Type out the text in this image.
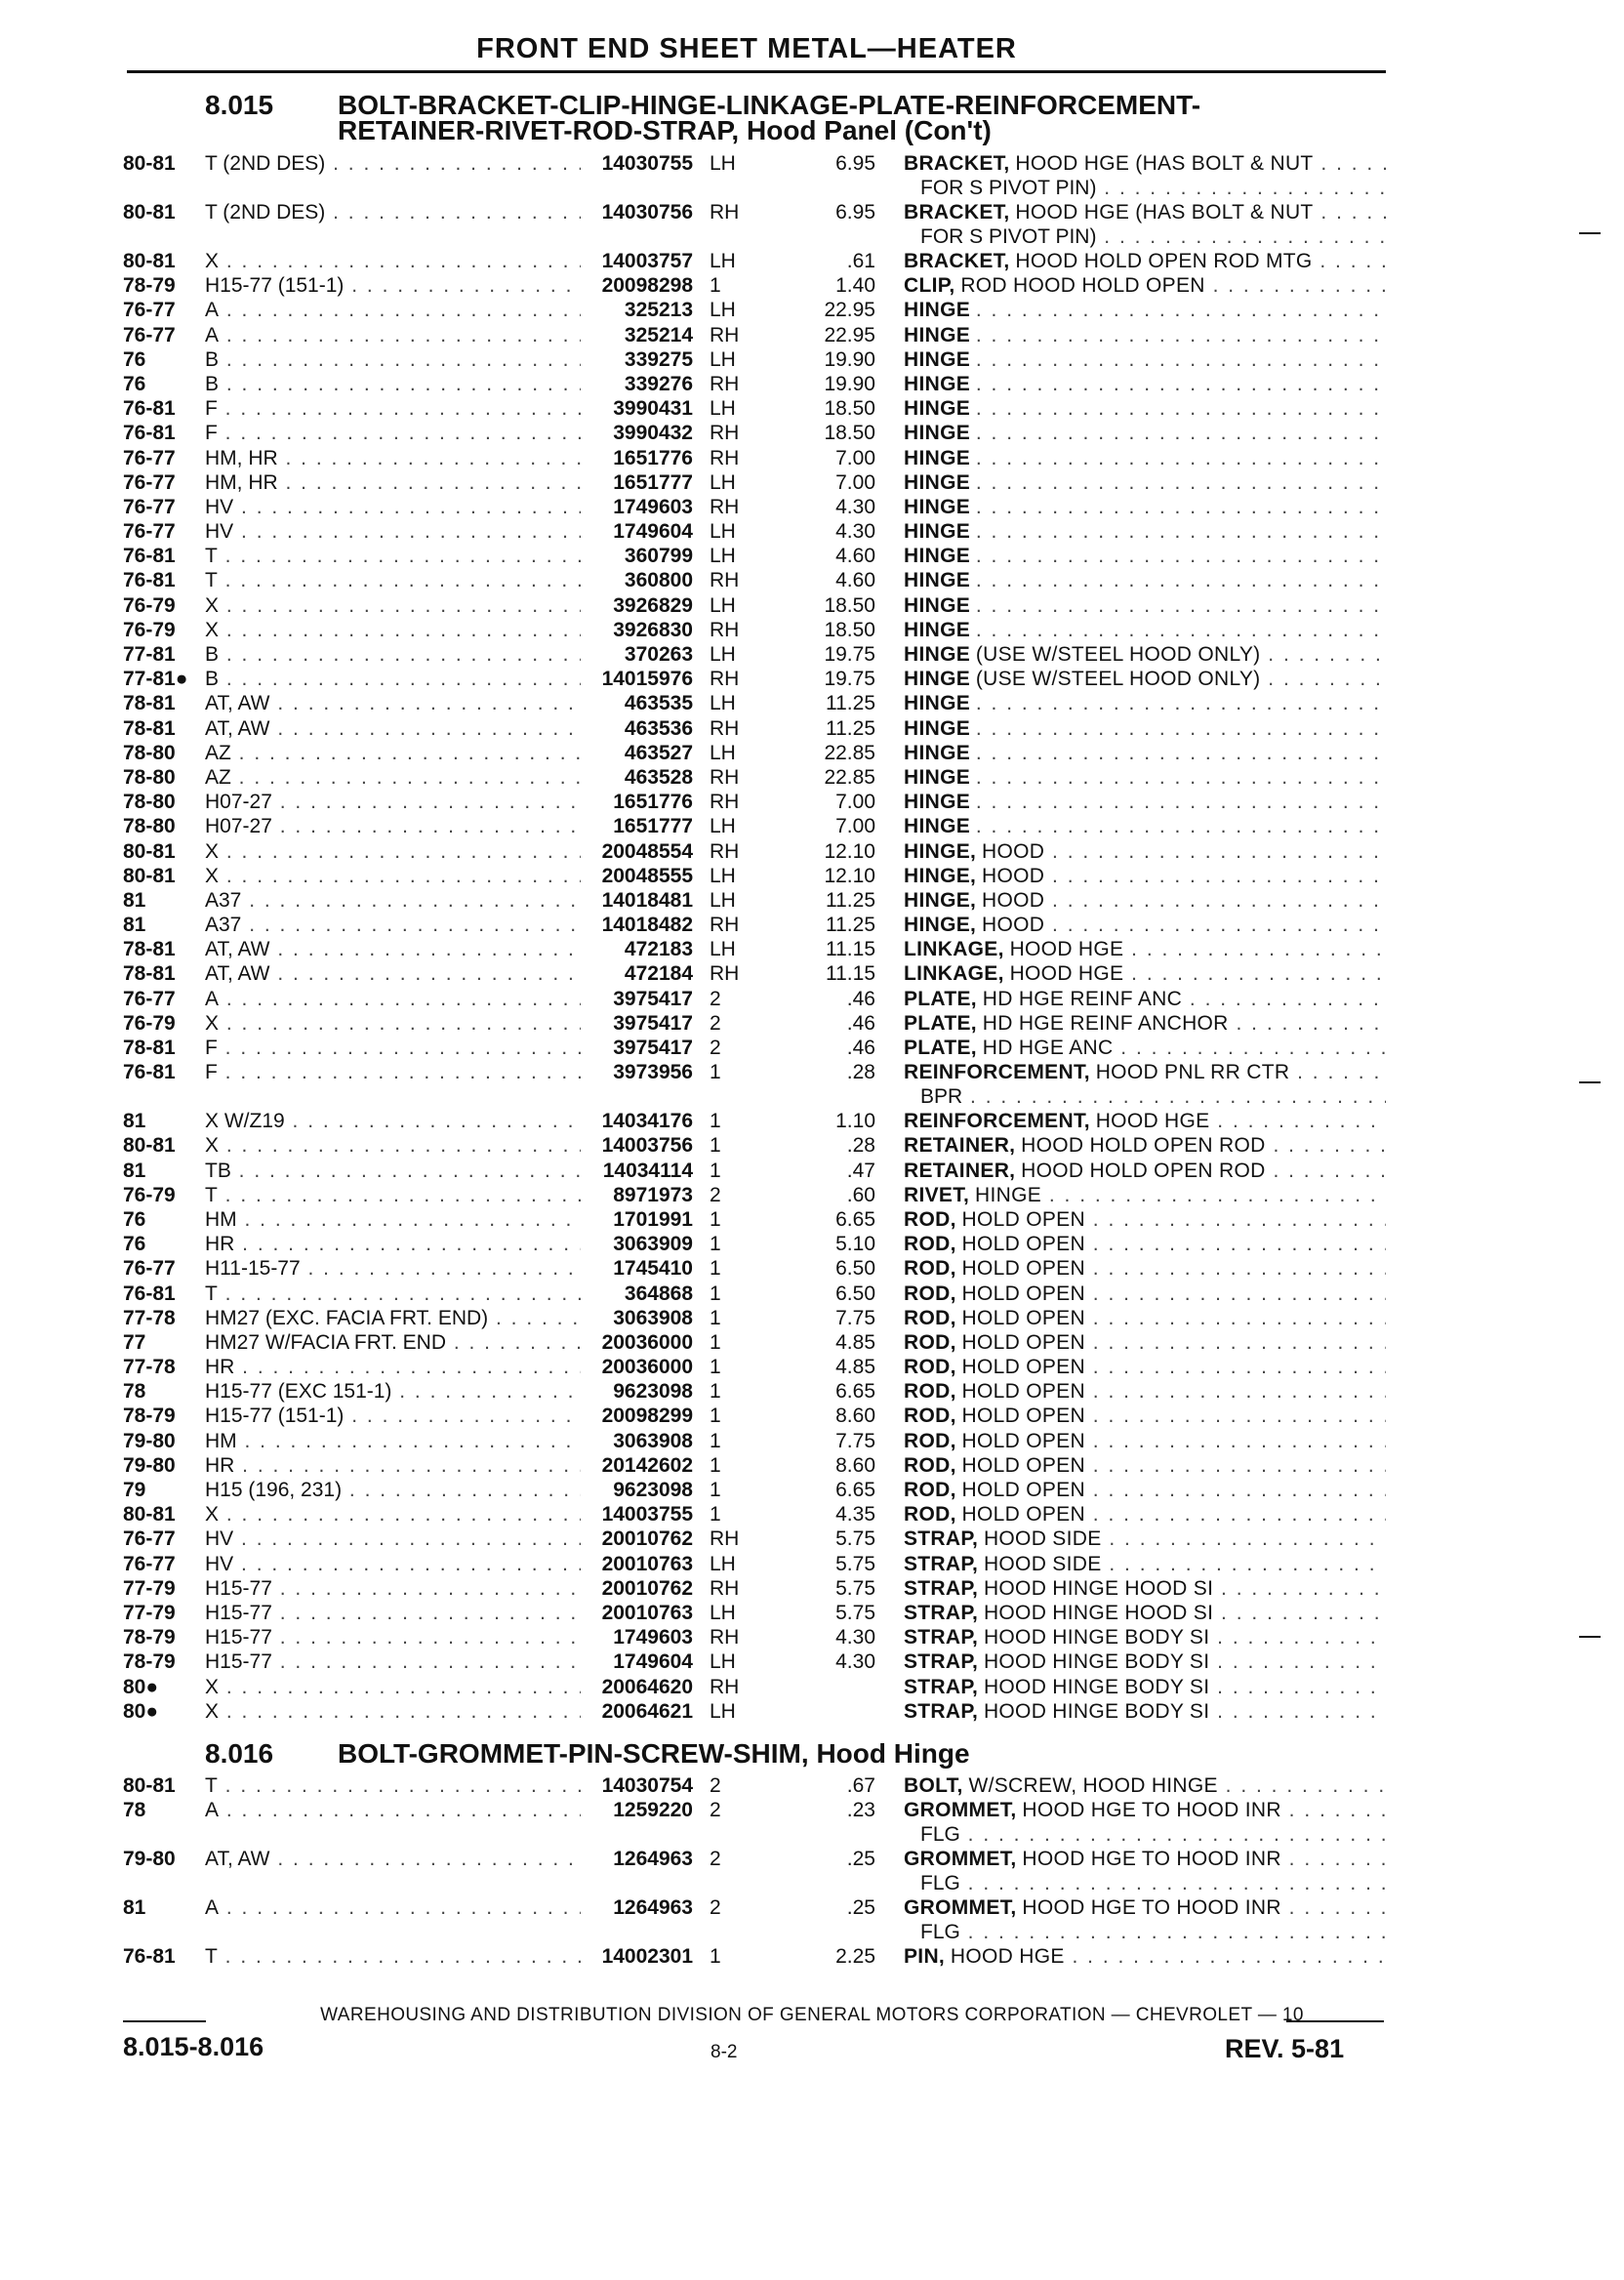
FRONT END SHEET METAL—HEATER
8.015 BOLT-BRACKET-CLIP-HINGE-LINKAGE-PLATE-REINFORCEMENT-
RETAINER-RIVET-ROD-STRAP, Hood Panel (Con't)
80-81	T (2ND DES) . . .	14030755 LH	6.95 BRACKET, HOOD HGE (HAS BOLT & NUT . . .
FOR S PIVOT PIN) . . .
80-81	T (2ND DES) . . .	14030756 RH	6.95 BRACKET, HOOD HGE (HAS BOLT & NUT . . .
FOR S PIVOT PIN) . . .
80-81	X . . .	14003757 LH	.61 BRACKET, HOOD HOLD OPEN ROD MTG . . .
78-79	H15-77 (151-1) . . .	20098298 1	1.40 CLIP, ROD HOOD HOLD OPEN . . .
76-77	A . . .	325213 LH	22.95 HINGE . . .
76-77	A . . .	325214 RH	22.95 HINGE . . .
76	B . . .	339275 LH	19.90 HINGE . . .
76	B . . .	339276 RH	19.90 HINGE . . .
76-81	F . . .	3990431 LH	18.50 HINGE . . .
76-81	F . . .	3990432 RH	18.50 HINGE . . .
76-77	HM, HR . . .	1651776 RH	7.00 HINGE . . .
76-77	HM, HR . . .	1651777 LH	7.00 HINGE . . .
76-77	HV . . .	1749603 RH	4.30 HINGE . . .
76-77	HV . . .	1749604 LH	4.30 HINGE . . .
76-81	T . . .	360799 LH	4.60 HINGE . . .
76-81	T . . .	360800 RH	4.60 HINGE . . .
76-79	X . . .	3926829 LH	18.50 HINGE . . .
76-79	X . . .	3926830 RH	18.50 HINGE . . .
77-81	B . . .	370263 LH	19.75 HINGE (USE W/STEEL HOOD ONLY) . . .
77-81● B . . .	14015976 RH	19.75 HINGE (USE W/STEEL HOOD ONLY) . . .
78-81	AT, AW . . .	463535 LH	11.25 HINGE . . .
78-81	AT, AW . . .	463536 RH	11.25 HINGE . . .
78-80	AZ . . .	463527 LH	22.85 HINGE . . .
78-80	AZ . . .	463528 RH	22.85 HINGE . . .
78-80	H07-27 . . .	1651776 RH	7.00 HINGE . . .
78-80	H07-27 . . .	1651777 LH	7.00 HINGE . . .
80-81	X . . .	20048554 RH	12.10 HINGE, HOOD . . .
80-81	X . . .	20048555 LH	12.10 HINGE, HOOD . . .
81	A37 . . .	14018481 LH	11.25 HINGE, HOOD . . .
81	A37 . . .	14018482 RH	11.25 HINGE, HOOD . . .
78-81	AT, AW . . .	472183 LH	11.15 LINKAGE, HOOD HGE . . .
78-81	AT, AW . . .	472184 RH	11.15 LINKAGE, HOOD HGE . . .
76-77	A . . .	3975417 2	.46 PLATE, HD HGE REINF ANC . . .
76-79	X . . .	3975417 2	.46 PLATE, HD HGE REINF ANCHOR . . .
78-81	F . . .	3975417 2	.46 PLATE, HD HGE ANC . . .
76-81	F . . .	3973956 1	.28 REINFORCEMENT, HOOD PNL RR CTR . . .
BPR . . .
81	X W/Z19 . . .	14034176 1	1.10 REINFORCEMENT, HOOD HGE . . .
80-81	X . . .	14003756 1	.28 RETAINER, HOOD HOLD OPEN ROD . . .
81	TB . . .	14034114 1	.47 RETAINER, HOOD HOLD OPEN ROD . . .
76-79	T . . .	8971973 2	.60 RIVET, HINGE . . .
76	HM . . .	1701991 1	6.65 ROD, HOLD OPEN . . .
76	HR . . .	3063909 1	5.10 ROD, HOLD OPEN . . .
76-77	H11-15-77 . . .	1745410 1	6.50 ROD, HOLD OPEN . . .
76-81	T . . .	364868 1	6.50 ROD, HOLD OPEN . . .
77-78	HM27 (EXC. FACIA FRT. END) . . .	3063908 1	7.75 ROD, HOLD OPEN . . .
77	HM27 W/FACIA FRT. END . . .	20036000 1	4.85 ROD, HOLD OPEN . . .
77-78	HR . . .	20036000 1	4.85 ROD, HOLD OPEN . . .
78	H15-77 (EXC 151-1) . . .	9623098 1	6.65 ROD, HOLD OPEN . . .
78-79	H15-77 (151-1) . . .	20098299 1	8.60 ROD, HOLD OPEN . . .
79-80	HM . . .	3063908 1	7.75 ROD, HOLD OPEN . . .
79-80	HR . . .	20142602 1	8.60 ROD, HOLD OPEN . . .
79	H15 (196, 231) . . .	9623098 1	6.65 ROD, HOLD OPEN . . .
80-81	X . . .	14003755 1	4.35 ROD, HOLD OPEN . . .
76-77	HV . . .	20010762 RH	5.75 STRAP, HOOD SIDE . . .
76-77	HV . . .	20010763 LH	5.75 STRAP, HOOD SIDE . . .
77-79	H15-77 . . .	20010762 RH	5.75 STRAP, HOOD HINGE HOOD SI . . .
77-79	H15-77 . . .	20010763 LH	5.75 STRAP, HOOD HINGE HOOD SI . . .
78-79	H15-77 . . .	1749603 RH	4.30 STRAP, HOOD HINGE BODY SI . . .
78-79	H15-77 . . .	1749604 LH	4.30 STRAP, HOOD HINGE BODY SI . . .
80●	X . . .	20064620 RH	STRAP, HOOD HINGE BODY SI . . .
80●	X . . .	20064621 LH	STRAP, HOOD HINGE BODY SI . . .
8.016 BOLT-GROMMET-PIN-SCREW-SHIM, Hood Hinge
80-81	T . . .	14030754 2	.67 BOLT, W/SCREW, HOOD HINGE . . .
78	A . . .	1259220 2	.23 GROMMET, HOOD HGE TO HOOD INR . . .
FLG . . .
79-80	AT, AW . . .	1264963 2	.25 GROMMET, HOOD HGE TO HOOD INR . . .
FLG . . .
81	A . . .	1264963 2	.25 GROMMET, HOOD HGE TO HOOD INR . . .
FLG . . .
76-81	T . . .	14002301 1	2.25 PIN, HOOD HGE . . .
WAREHOUSING AND DISTRIBUTION DIVISION OF GENERAL MOTORS CORPORATION — CHEVROLET — 10
8.015-8.016	8-2	REV. 5-81
